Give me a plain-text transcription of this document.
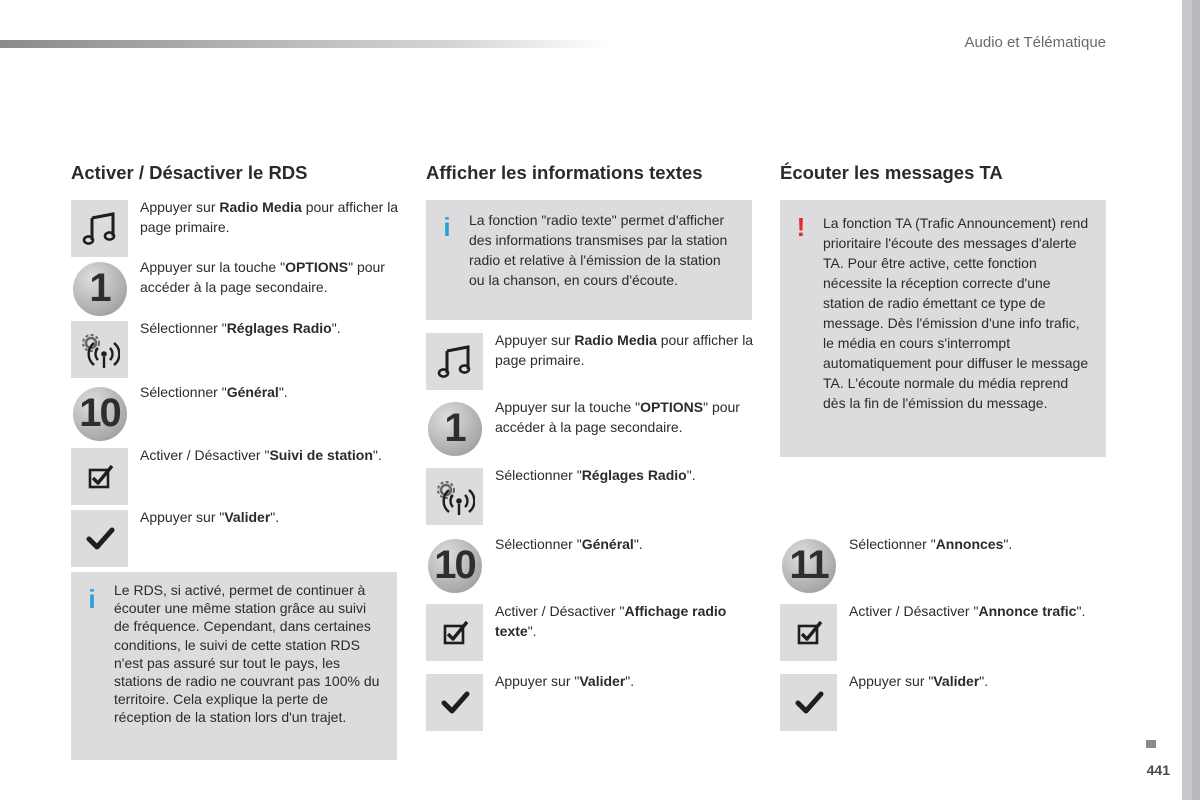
Audio et Télématique
Activer / Désactiver le RDS
Appuyer sur Radio Media pour afficher la page primaire.
1	Appuyer sur la touche "OPTIONS" pour accéder à la page secondaire.
Sélectionner "Réglages Radio".
10	Sélectionner "Général".
Activer / Désactiver "Suivi de station".
Appuyer sur "Valider".
i Le RDS, si activé, permet de continuer à écouter une même station grâce au suivi de fréquence. Cependant, dans certaines conditions, le suivi de cette station RDS n'est pas assuré sur tout le pays, les stations de radio ne couvrant pas 100% du territoire. Cela explique la perte de réception de la station lors d'un trajet.
Afficher les informations textes
i La fonction "radio texte" permet d'afficher des informations transmises par la station radio et relative à l'émission de la station ou la chanson, en cours d'écoute.
Appuyer sur Radio Media pour afficher la page primaire.
1	Appuyer sur la touche "OPTIONS" pour accéder à la page secondaire.
Sélectionner "Réglages Radio".
10	Sélectionner "Général".
Activer / Désactiver "Affichage radio texte".
Appuyer sur "Valider".
Écouter les messages TA
! La fonction TA (Trafic Announcement) rend prioritaire l'écoute des messages d'alerte TA. Pour être active, cette fonction nécessite la réception correcte d'une station de radio émettant ce type de message. Dès l'émission d'une info trafic, le média en cours s'interrompt automatiquement pour diffuser le message TA. L'écoute normale du média reprend dès la fin de l'émission du message.
11	Sélectionner "Annonces".
Activer / Désactiver "Annonce trafic".
Appuyer sur "Valider".
441
